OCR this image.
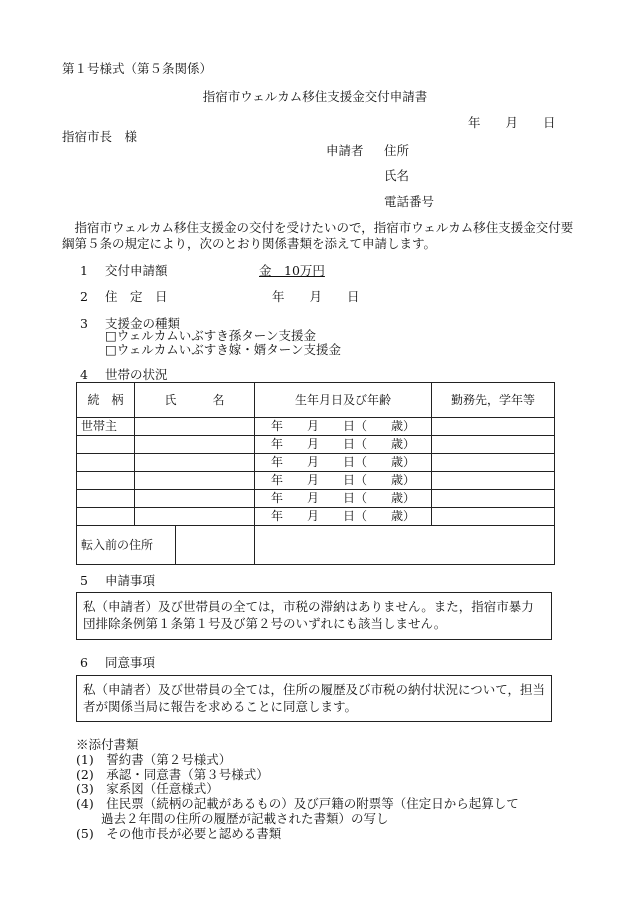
第１号様式（第５条関係）
指宿市ウェルカム移住支援金交付申請書
年　　月　　日
指宿市長　様
申請者 住所
氏名
電話番号
指宿市ウェルカム移住支援金の交付を受けたいので，指宿市ウェルカム移住支援金交付要綱第５条の規定により，次のとおり関係書類を添えて申請します。
1 交付申請額	金　10万円
2 住　定　日	年　　月　　日
3 支援金の種類
□ウェルカムいぶすき孫ターン支援金
□ウェルカムいぶすき嫁・婿ターン支援金
4 世帯の状況
続　柄	氏　　　名	生年月日及び年齢	勤務先，学年等
世帯主		年　　月　　日（　　歳）	
		年　　月　　日（　　歳）	
		年　　月　　日（　　歳）	
		年　　月　　日（　　歳）	
		年　　月　　日（　　歳）	
		年　　月　　日（　　歳）	
転入前の住所			
5 申請事項
私（申請者）及び世帯員の全ては，市税の滞納はありません。また，指宿市暴力団排除条例第１条第１号及び第２号のいずれにも該当しません。
6 同意事項
私（申請者）及び世帯員の全ては，住所の履歴及び市税の納付状況について，担当者が関係当局に報告を求めることに同意します。
※添付書類
(1)　誓約書（第２号様式）
(2)　承認・同意書（第３号様式）
(3)　家系図（任意様式）
(4)　住民票（続柄の記載があるもの）及び戸籍の附票等（住定日から起算して
　　過去２年間の住所の履歴が記載された書類）の写し
(5)　その他市長が必要と認める書類
